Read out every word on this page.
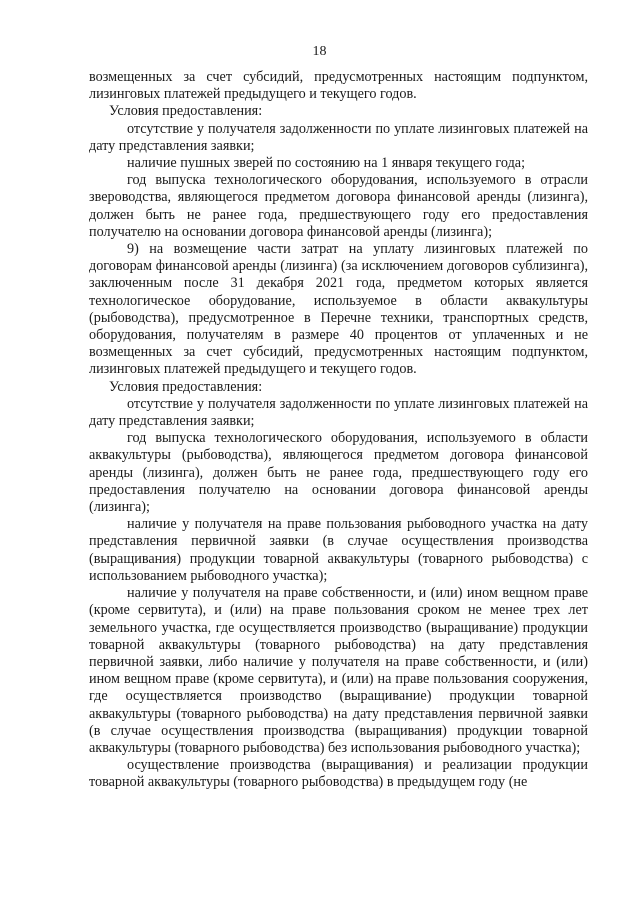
18

возмещенных за счет субсидий, предусмотренных настоящим подпунктом, лизинговых платежей предыдущего и текущего годов.

Условия предоставления:

отсутствие у получателя задолженности по уплате лизинговых платежей на дату представления заявки;

наличие пушных зверей по состоянию на 1 января текущего года;

год выпуска технологического оборудования, используемого в отрасли звероводства, являющегося предметом договора финансовой аренды (лизинга), должен быть не ранее года, предшествующего году его предоставления получателю на основании договора финансовой аренды (лизинга);

9) на возмещение части затрат на уплату лизинговых платежей по договорам финансовой аренды (лизинга) (за исключением договоров сублизинга), заключенным после 31 декабря 2021 года, предметом которых является технологическое оборудование, используемое в области аквакультуры (рыбоводства), предусмотренное в Перечне техники, транспортных средств, оборудования, получателям в размере 40 процентов от уплаченных и не возмещенных за счет субсидий, предусмотренных настоящим подпунктом, лизинговых платежей предыдущего и текущего годов.

Условия предоставления:

отсутствие у получателя задолженности по уплате лизинговых платежей на дату представления заявки;

год выпуска технологического оборудования, используемого в области аквакультуры (рыбоводства), являющегося предметом договора финансовой аренды (лизинга), должен быть не ранее года, предшествующего году его предоставления получателю на основании договора финансовой аренды (лизинга);

наличие у получателя на праве пользования рыбоводного участка на дату представления первичной заявки (в случае осуществления производства (выращивания) продукции товарной аквакультуры (товарного рыбоводства) с использованием рыбоводного участка);

наличие у получателя на праве собственности, и (или) ином вещном праве (кроме сервитута), и (или) на праве пользования сроком не менее трех лет земельного участка, где осуществляется производство (выращивание) продукции товарной аквакультуры (товарного рыбоводства) на дату представления первичной заявки, либо наличие у получателя на праве собственности, и (или) ином вещном праве (кроме сервитута), и (или) на праве пользования сооружения, где осуществляется производство (выращивание) продукции товарной аквакультуры (товарного рыбоводства) на дату представления первичной заявки (в случае осуществления производства (выращивания) продукции товарной аквакультуры (товарного рыбоводства) без использования рыбоводного участка);

осуществление производства (выращивания) и реализации продукции товарной аквакультуры (товарного рыбоводства) в предыдущем году (не
